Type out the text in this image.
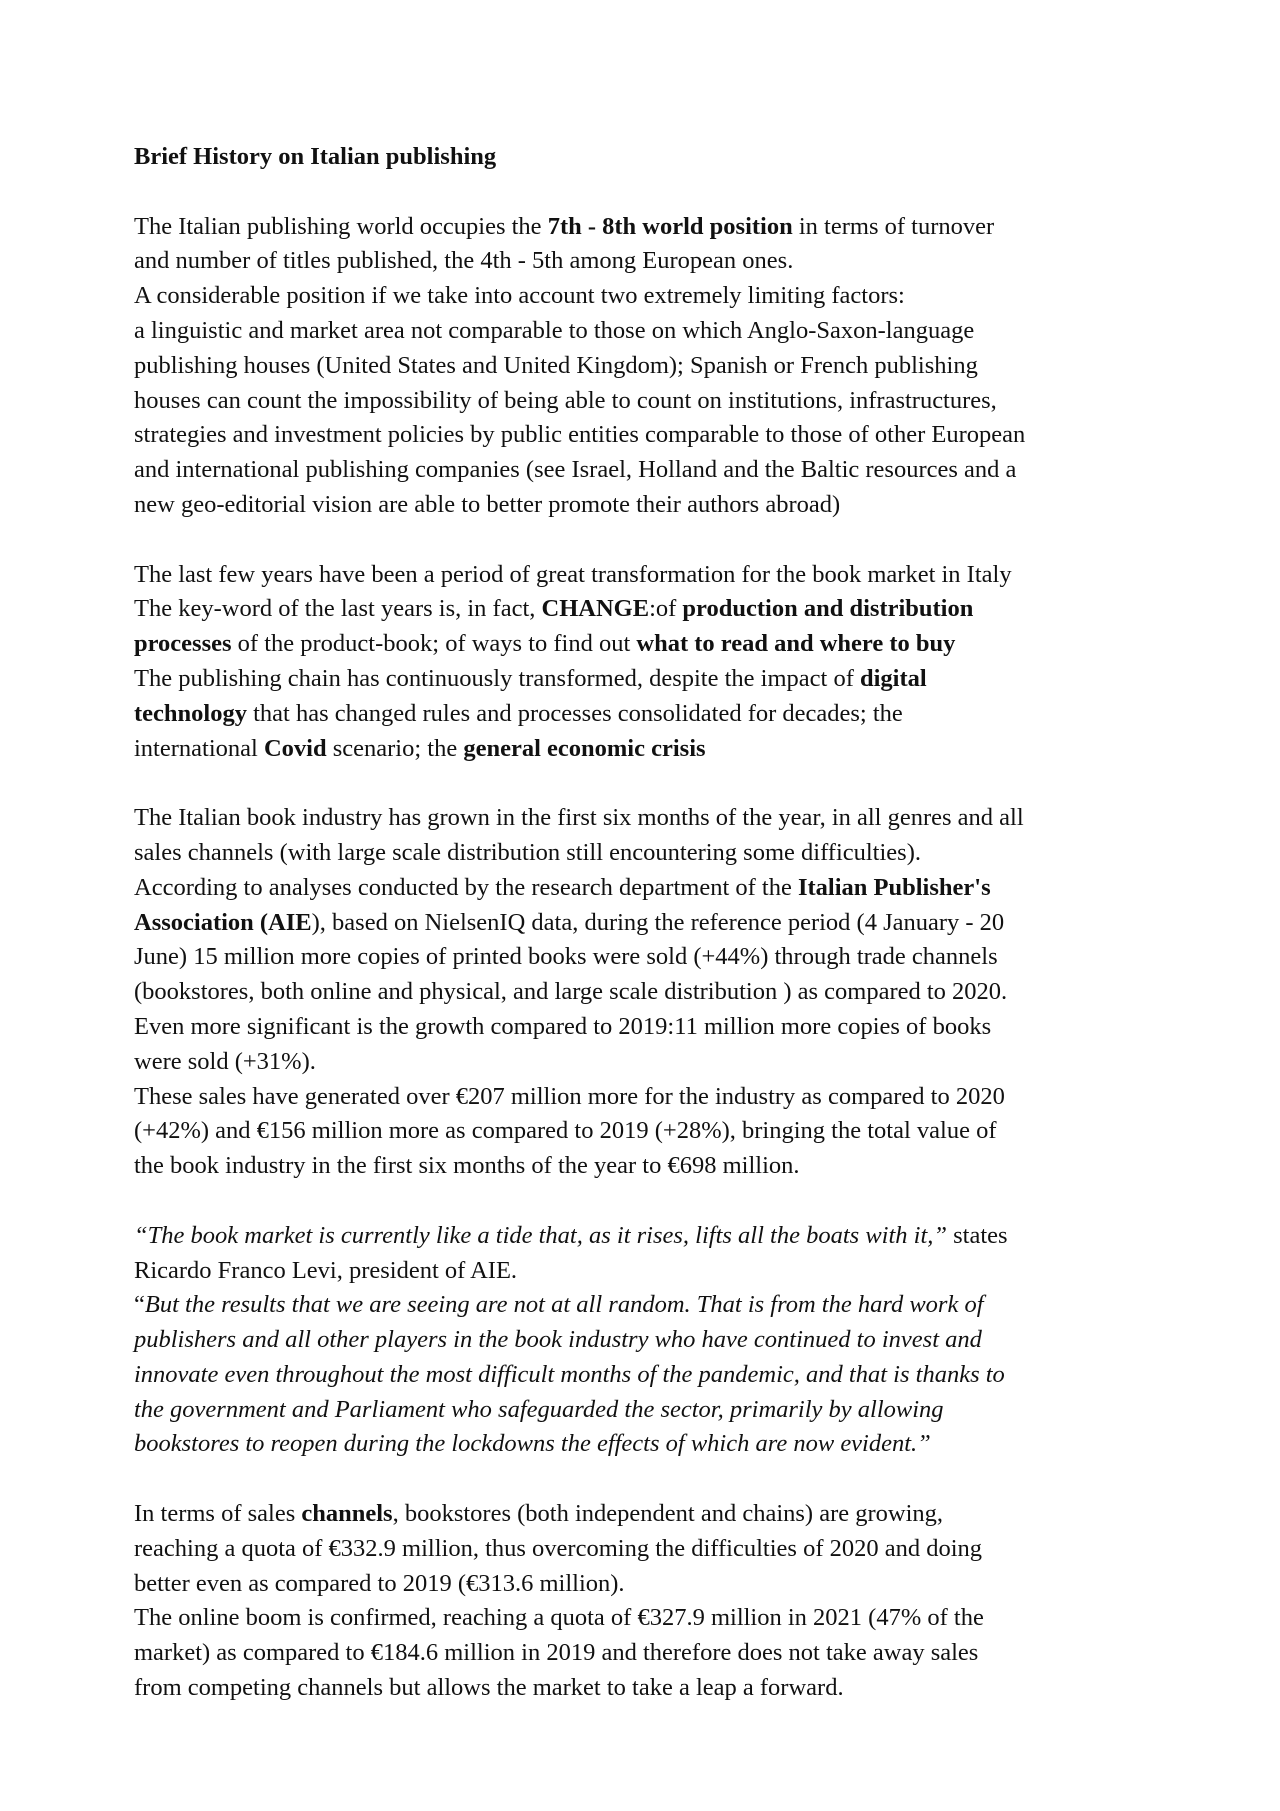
Brief History on Italian publishing
The Italian publishing world occupies the 7th - 8th world position in terms of turnover
and number of titles published, the 4th - 5th among European ones.
A considerable position if we take into account two extremely limiting factors:
a linguistic and market area not comparable to those on which Anglo-Saxon-language
publishing houses (United States and United Kingdom); Spanish or French publishing
houses can count the impossibility of being able to count on institutions, infrastructures,
strategies and investment policies by public entities comparable to those of other European
and international publishing companies (see Israel, Holland and the Baltic resources and a
new geo-editorial vision are able to better promote their authors abroad)
The last few years have been a period of great transformation for the book market in Italy
The key-word of the last years is, in fact, CHANGE:of production and distribution
processes of the product-book; of ways to find out what to read and where to buy
The publishing chain has continuously transformed, despite the impact of digital
technology that has changed rules and processes consolidated for decades; the
international Covid scenario; the general economic crisis
The Italian book industry has grown in the first six months of the year, in all genres and all
sales channels (with large scale distribution still encountering some difficulties).
According to analyses conducted by the research department of the Italian Publisher's
Association (AIE), based on NielsenIQ data, during the reference period (4 January - 20
June) 15 million more copies of printed books were sold (+44%) through trade channels
(bookstores, both online and physical, and large scale distribution ) as compared to 2020.
Even more significant is the growth compared to 2019:11 million more copies of books
were sold (+31%).
These sales have generated over €207 million more for the industry as compared to 2020
(+42%) and €156 million more as compared to 2019 (+28%), bringing the total value of
the book industry in the first six months of the year to €698 million.
“The book market is currently like a tide that, as it rises, lifts all the boats with it,” states
Ricardo Franco Levi, president of AIE.
“But the results that we are seeing are not at all random. That is from the hard work of
publishers and all other players in the book industry who have continued to invest and
innovate even throughout the most difficult months of the pandemic, and that is thanks to
the government and Parliament who safeguarded the sector, primarily by allowing
bookstores to reopen during the lockdowns the effects of which are now evident.”
In terms of sales channels, bookstores (both independent and chains) are growing,
reaching a quota of €332.9 million, thus overcoming the difficulties of 2020 and doing
better even as compared to 2019 (€313.6 million).
The online boom is confirmed, reaching a quota of €327.9 million in 2021 (47% of the
market) as compared to €184.6 million in 2019 and therefore does not take away sales
from competing channels but allows the market to take a leap a forward.
